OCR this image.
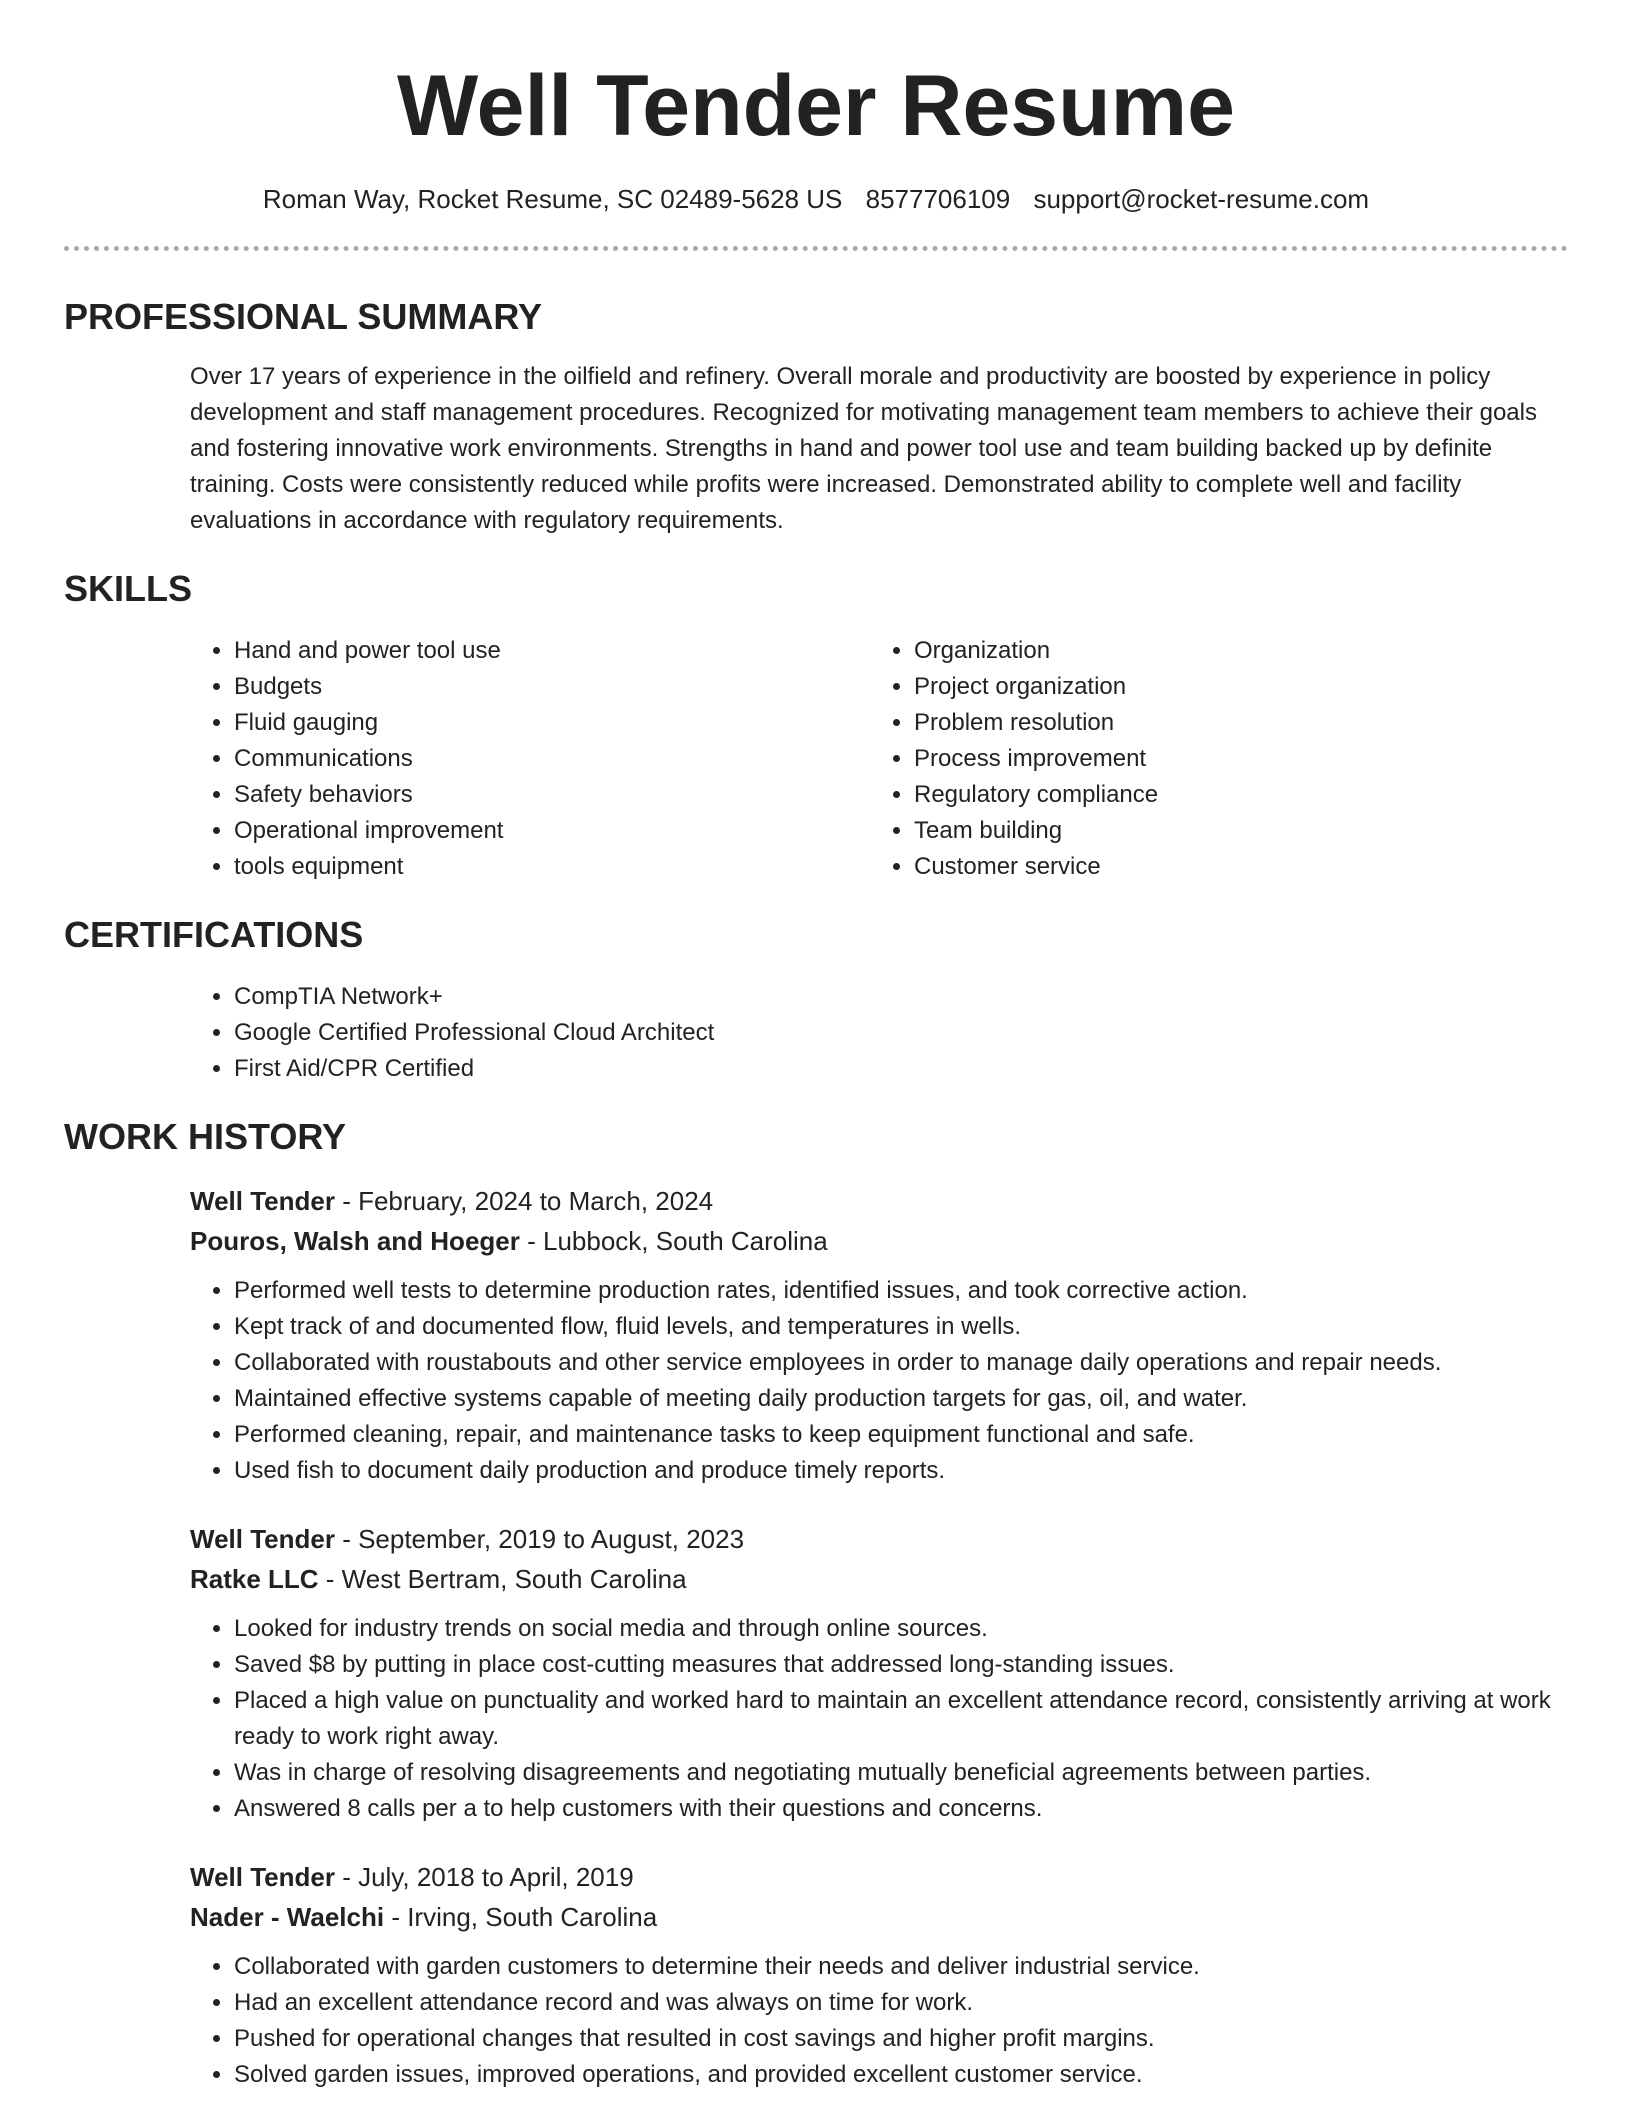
Well Tender Resume
Roman Way, Rocket Resume, SC 02489-5628 US 8577706109 support@rocket-resume.com
PROFESSIONAL SUMMARY

Over 17 years of experience in the oilfield and refinery. Overall morale and productivity are boosted by experience in policy development and staff management procedures. Recognized for motivating management team members to achieve their goals and fostering innovative work environments. Strengths in hand and power tool use and team building backed up by definite training. Costs were consistently reduced while profits were increased. Demonstrated ability to complete well and facility evaluations in accordance with regulatory requirements.

SKILLS
• Hand and power tool use
• Budgets
• Fluid gauging
• Communications
• Safety behaviors
• Operational improvement
• tools equipment
• Organization
• Project organization
• Problem resolution
• Process improvement
• Regulatory compliance
• Team building
• Customer service
CERTIFICATIONS
• CompTIA Network+
• Google Certified Professional Cloud Architect
• First Aid/CPR Certified
WORK HISTORY
Well Tender - February, 2024 to March, 2024
Pouros, Walsh and Hoeger - Lubbock, South Carolina
• Performed well tests to determine production rates, identified issues, and took corrective action.
• Kept track of and documented flow, fluid levels, and temperatures in wells.
• Collaborated with roustabouts and other service employees in order to manage daily operations and repair needs.
• Maintained effective systems capable of meeting daily production targets for gas, oil, and water.
• Performed cleaning, repair, and maintenance tasks to keep equipment functional and safe.
• Used fish to document daily production and produce timely reports.
Well Tender - September, 2019 to August, 2023
Ratke LLC - West Bertram, South Carolina
• Looked for industry trends on social media and through online sources.
• Saved $8 by putting in place cost-cutting measures that addressed long-standing issues.
• Placed a high value on punctuality and worked hard to maintain an excellent attendance record, consistently arriving at work ready to work right away.
• Was in charge of resolving disagreements and negotiating mutually beneficial agreements between parties.
• Answered 8 calls per a to help customers with their questions and concerns.
Well Tender - July, 2018 to April, 2019
Nader - Waelchi - Irving, South Carolina
• Collaborated with garden customers to determine their needs and deliver industrial service.
• Had an excellent attendance record and was always on time for work.
• Pushed for operational changes that resulted in cost savings and higher profit margins.
• Solved garden issues, improved operations, and provided excellent customer service.
